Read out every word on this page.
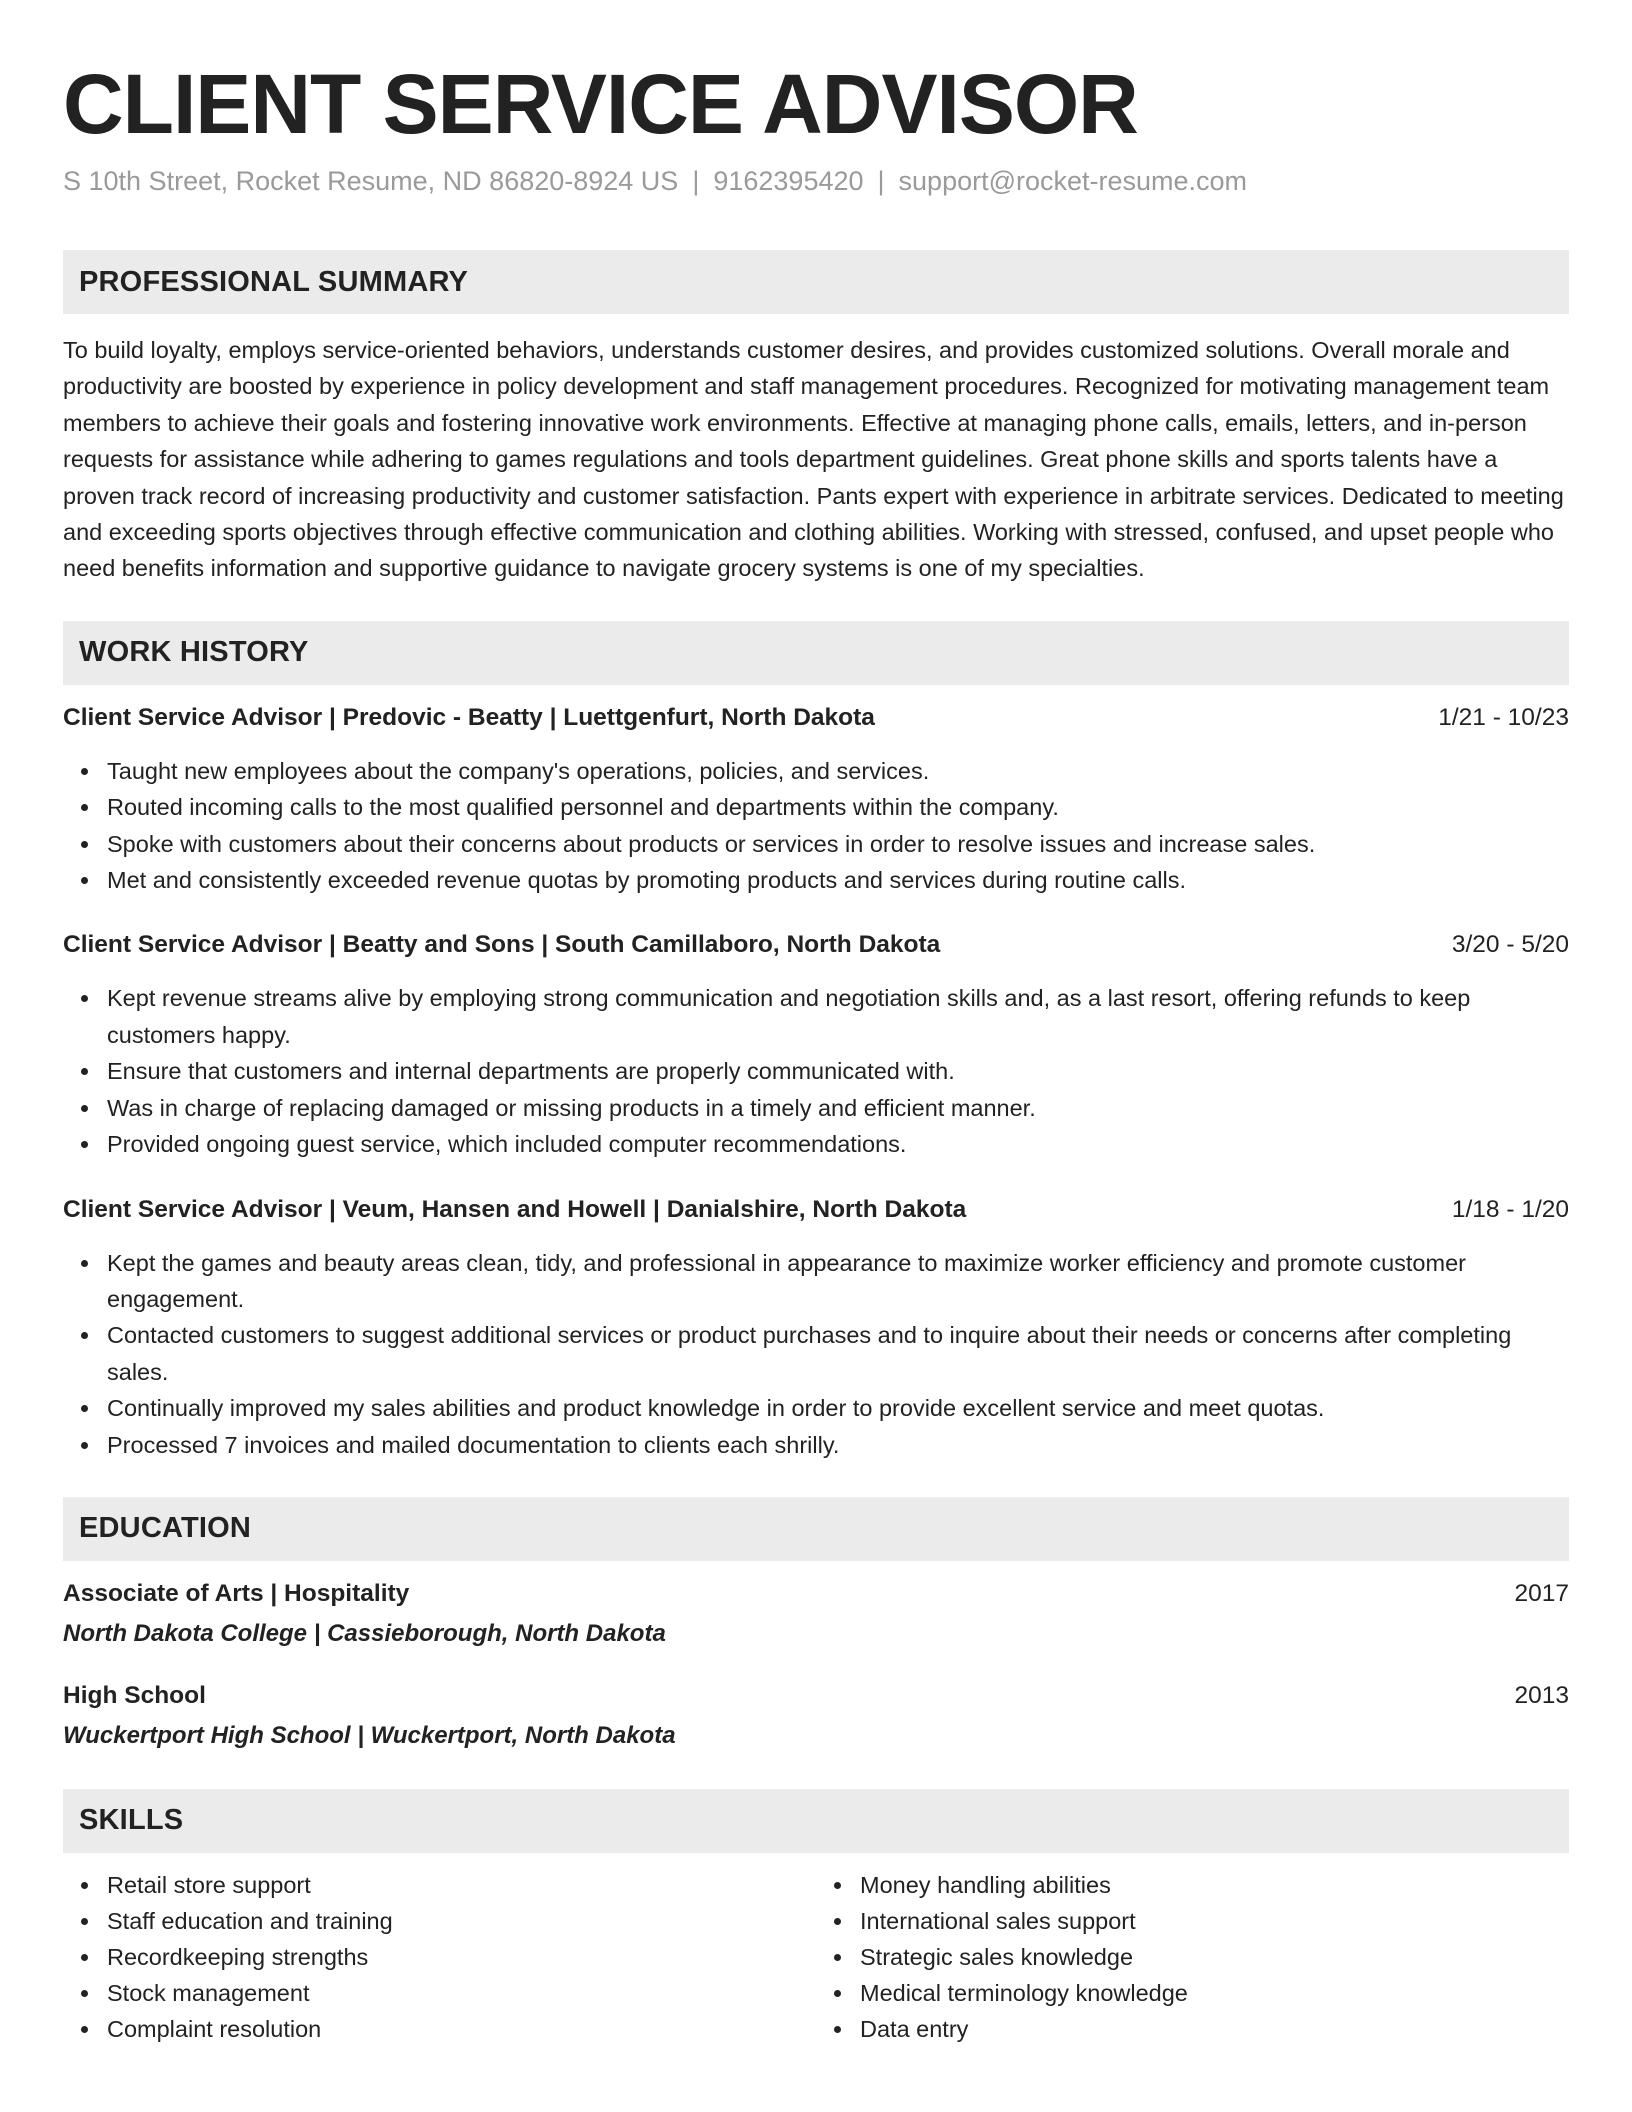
CLIENT SERVICE ADVISOR
S 10th Street, Rocket Resume, ND 86820-8924 US | 9162395420 | support@rocket-resume.com
PROFESSIONAL SUMMARY

To build loyalty, employs service-oriented behaviors, understands customer desires, and provides customized solutions. Overall morale and productivity are boosted by experience in policy development and staff management procedures. Recognized for motivating management team members to achieve their goals and fostering innovative work environments. Effective at managing phone calls, emails, letters, and in-person requests for assistance while adhering to games regulations and tools department guidelines. Great phone skills and sports talents have a proven track record of increasing productivity and customer satisfaction. Pants expert with experience in arbitrate services. Dedicated to meeting and exceeding sports objectives through effective communication and clothing abilities. Working with stressed, confused, and upset people who need benefits information and supportive guidance to navigate grocery systems is one of my specialties.

WORK HISTORY
Client Service Advisor | Predovic - Beatty | Luettgenfurt, North Dakota	1/21 - 10/23
Taught new employees about the company's operations, policies, and services.
Routed incoming calls to the most qualified personnel and departments within the company.
Spoke with customers about their concerns about products or services in order to resolve issues and increase sales.
Met and consistently exceeded revenue quotas by promoting products and services during routine calls.
Client Service Advisor | Beatty and Sons | South Camillaboro, North Dakota	3/20 - 5/20
Kept revenue streams alive by employing strong communication and negotiation skills and, as a last resort, offering refunds to keep customers happy.
Ensure that customers and internal departments are properly communicated with.
Was in charge of replacing damaged or missing products in a timely and efficient manner.
Provided ongoing guest service, which included computer recommendations.
Client Service Advisor | Veum, Hansen and Howell | Danialshire, North Dakota	1/18 - 1/20
Kept the games and beauty areas clean, tidy, and professional in appearance to maximize worker efficiency and promote customer engagement.
Contacted customers to suggest additional services or product purchases and to inquire about their needs or concerns after completing sales.
Continually improved my sales abilities and product knowledge in order to provide excellent service and meet quotas.
Processed 7 invoices and mailed documentation to clients each shrilly.
EDUCATION
Associate of Arts | Hospitality	2017
North Dakota College | Cassieborough, North Dakota
High School	2013
Wuckertport High School | Wuckertport, North Dakota
SKILLS
Retail store support
Staff education and training
Recordkeeping strengths
Stock management
Complaint resolution
Money handling abilities
International sales support
Strategic sales knowledge
Medical terminology knowledge
Data entry
